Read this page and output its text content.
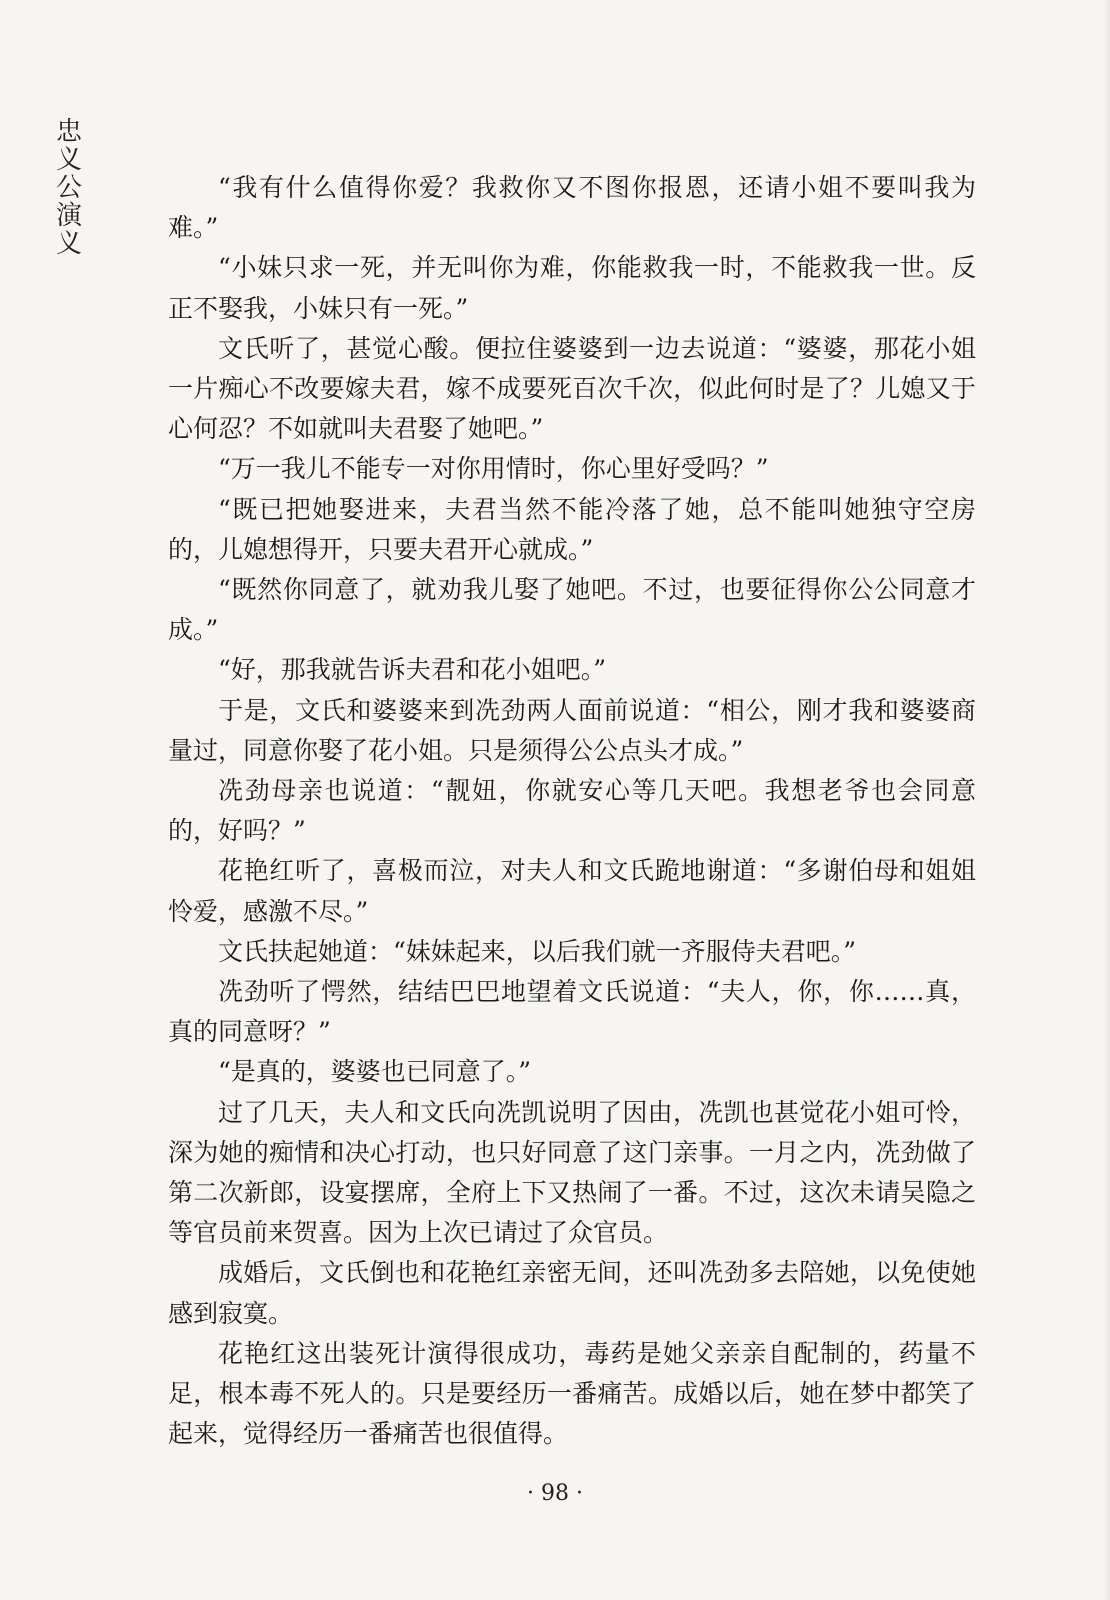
忠
义
公
演
义

“我有什么值得你爱？我救你又不图你报恩，还请小姐不要叫我为难。”

“小妹只求一死，并无叫你为难，你能救我一时，不能救我一世。反正不娶我，小妹只有一死。”

文氏听了，甚觉心酸。便拉住婆婆到一边去说道：“婆婆，那花小姐一片痴心不改要嫁夫君，嫁不成要死百次千次，似此何时是了？儿媳又于心何忍？不如就叫夫君娶了她吧。”

“万一我儿不能专一对你用情时，你心里好受吗？”

“既已把她娶进来，夫君当然不能冷落了她，总不能叫她独守空房的，儿媳想得开，只要夫君开心就成。”

“既然你同意了，就劝我儿娶了她吧。不过，也要征得你公公同意才成。”

“好，那我就告诉夫君和花小姐吧。”

于是，文氏和婆婆来到冼劲两人面前说道：“相公，刚才我和婆婆商量过，同意你娶了花小姐。只是须得公公点头才成。”

冼劲母亲也说道：“靓妞，你就安心等几天吧。我想老爷也会同意的，好吗？”

花艳红听了，喜极而泣，对夫人和文氏跪地谢道：“多谢伯母和姐姐怜爱，感激不尽。”

文氏扶起她道：“妹妹起来，以后我们就一齐服侍夫君吧。”

冼劲听了愕然，结结巴巴地望着文氏说道：“夫人，你，你……真，真的同意呀？”

“是真的，婆婆也已同意了。”

过了几天，夫人和文氏向冼凯说明了因由，冼凯也甚觉花小姐可怜，深为她的痴情和决心打动，也只好同意了这门亲事。一月之内，冼劲做了第二次新郎，设宴摆席，全府上下又热闹了一番。不过，这次未请吴隐之等官员前来贺喜。因为上次已请过了众官员。

成婚后，文氏倒也和花艳红亲密无间，还叫冼劲多去陪她，以免使她感到寂寞。

花艳红这出装死计演得很成功，毒药是她父亲亲自配制的，药量不足，根本毒不死人的。只是要经历一番痛苦。成婚以后，她在梦中都笑了起来，觉得经历一番痛苦也很值得。

· 98 ·
